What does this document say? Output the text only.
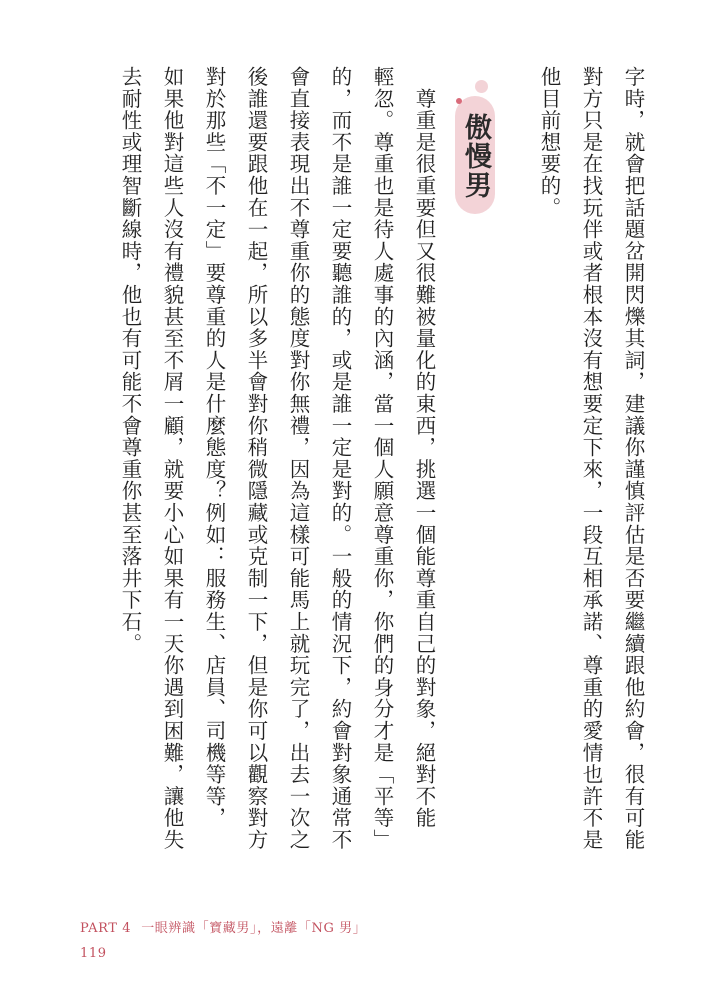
字時，就會把話題岔開閃爍其詞，建議你謹慎評估是否要繼續跟他約會，很有可能
對方只是在找玩伴或者根本沒有想要定下來，一段互相承諾、尊重的愛情也許不是
他目前想要的。
傲慢男
　尊重是很重要但又很難被量化的東西，挑選一個能尊重自己的對象，絕對不能
輕忽。尊重也是待人處事的內涵，當一個人願意尊重你，你們的身分才是「平等」
的，而不是誰一定要聽誰的，或是誰一定是對的。一般的情況下，約會對象通常不
會直接表現出不尊重你的態度對你無禮，因為這樣可能馬上就玩完了，出去一次之
後誰還要跟他在一起，所以多半會對你稍微隱藏或克制一下，但是你可以觀察對方
對於那些「不一定」要尊重的人是什麼態度？例如：服務生、店員、司機等等，
如果他對這些人沒有禮貌甚至不屑一顧，就要小心如果有一天你遇到困難，讓他失
去耐性或理智斷線時，他也有可能不會尊重你甚至落井下石。
PART 4 一眼辨識「寶藏男」，遠離「NG 男」
119
